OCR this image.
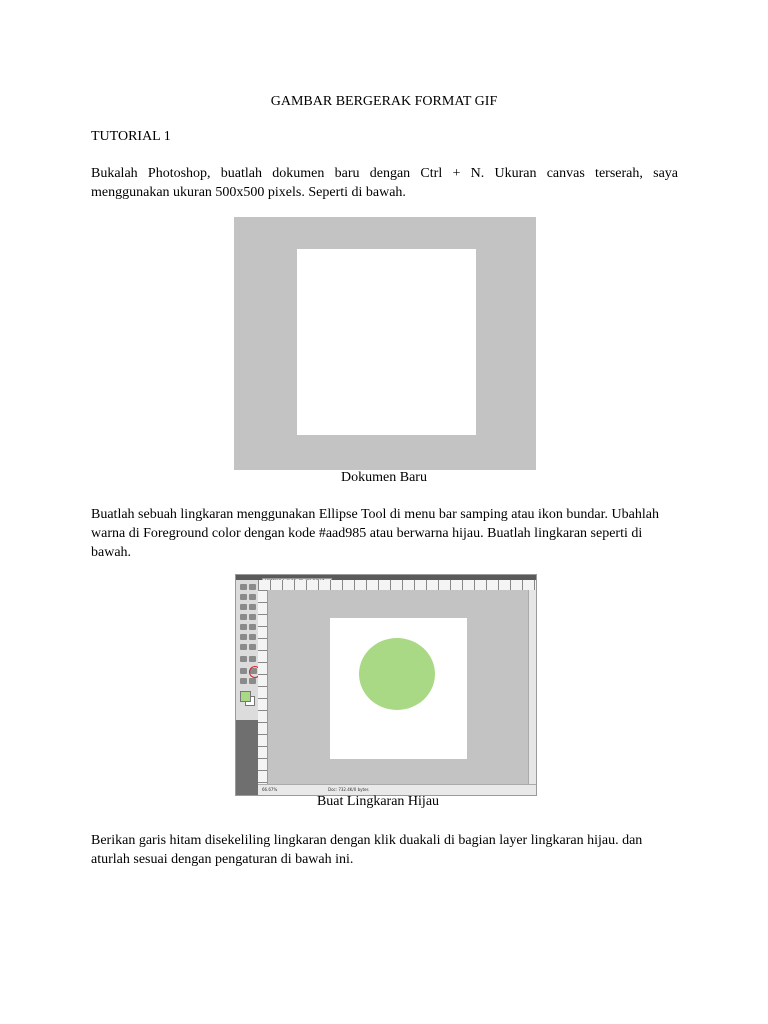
GAMBAR BERGERAK FORMAT GIF
TUTORIAL 1
Bukalah Photoshop, buatlah dokumen baru dengan Ctrl + N. Ukuran canvas terserah, saya menggunakan ukuran 500x500 pixels. Seperti di bawah.
Dokumen Baru
Buatlah sebuah lingkaran menggunakan Ellipse Tool di menu bar samping atau ikon bundar. Ubahlah warna di Foreground color dengan kode #aad985 atau berwarna hijau. Buatlah lingkaran seperti di bawah.
66.67%	Doc: 732.4K/0 bytes
Buat Lingkaran Hijau
Berikan garis hitam disekeliling lingkaran dengan klik duakali di bagian layer lingkaran hijau. dan aturlah sesuai dengan pengaturan di bawah ini.
